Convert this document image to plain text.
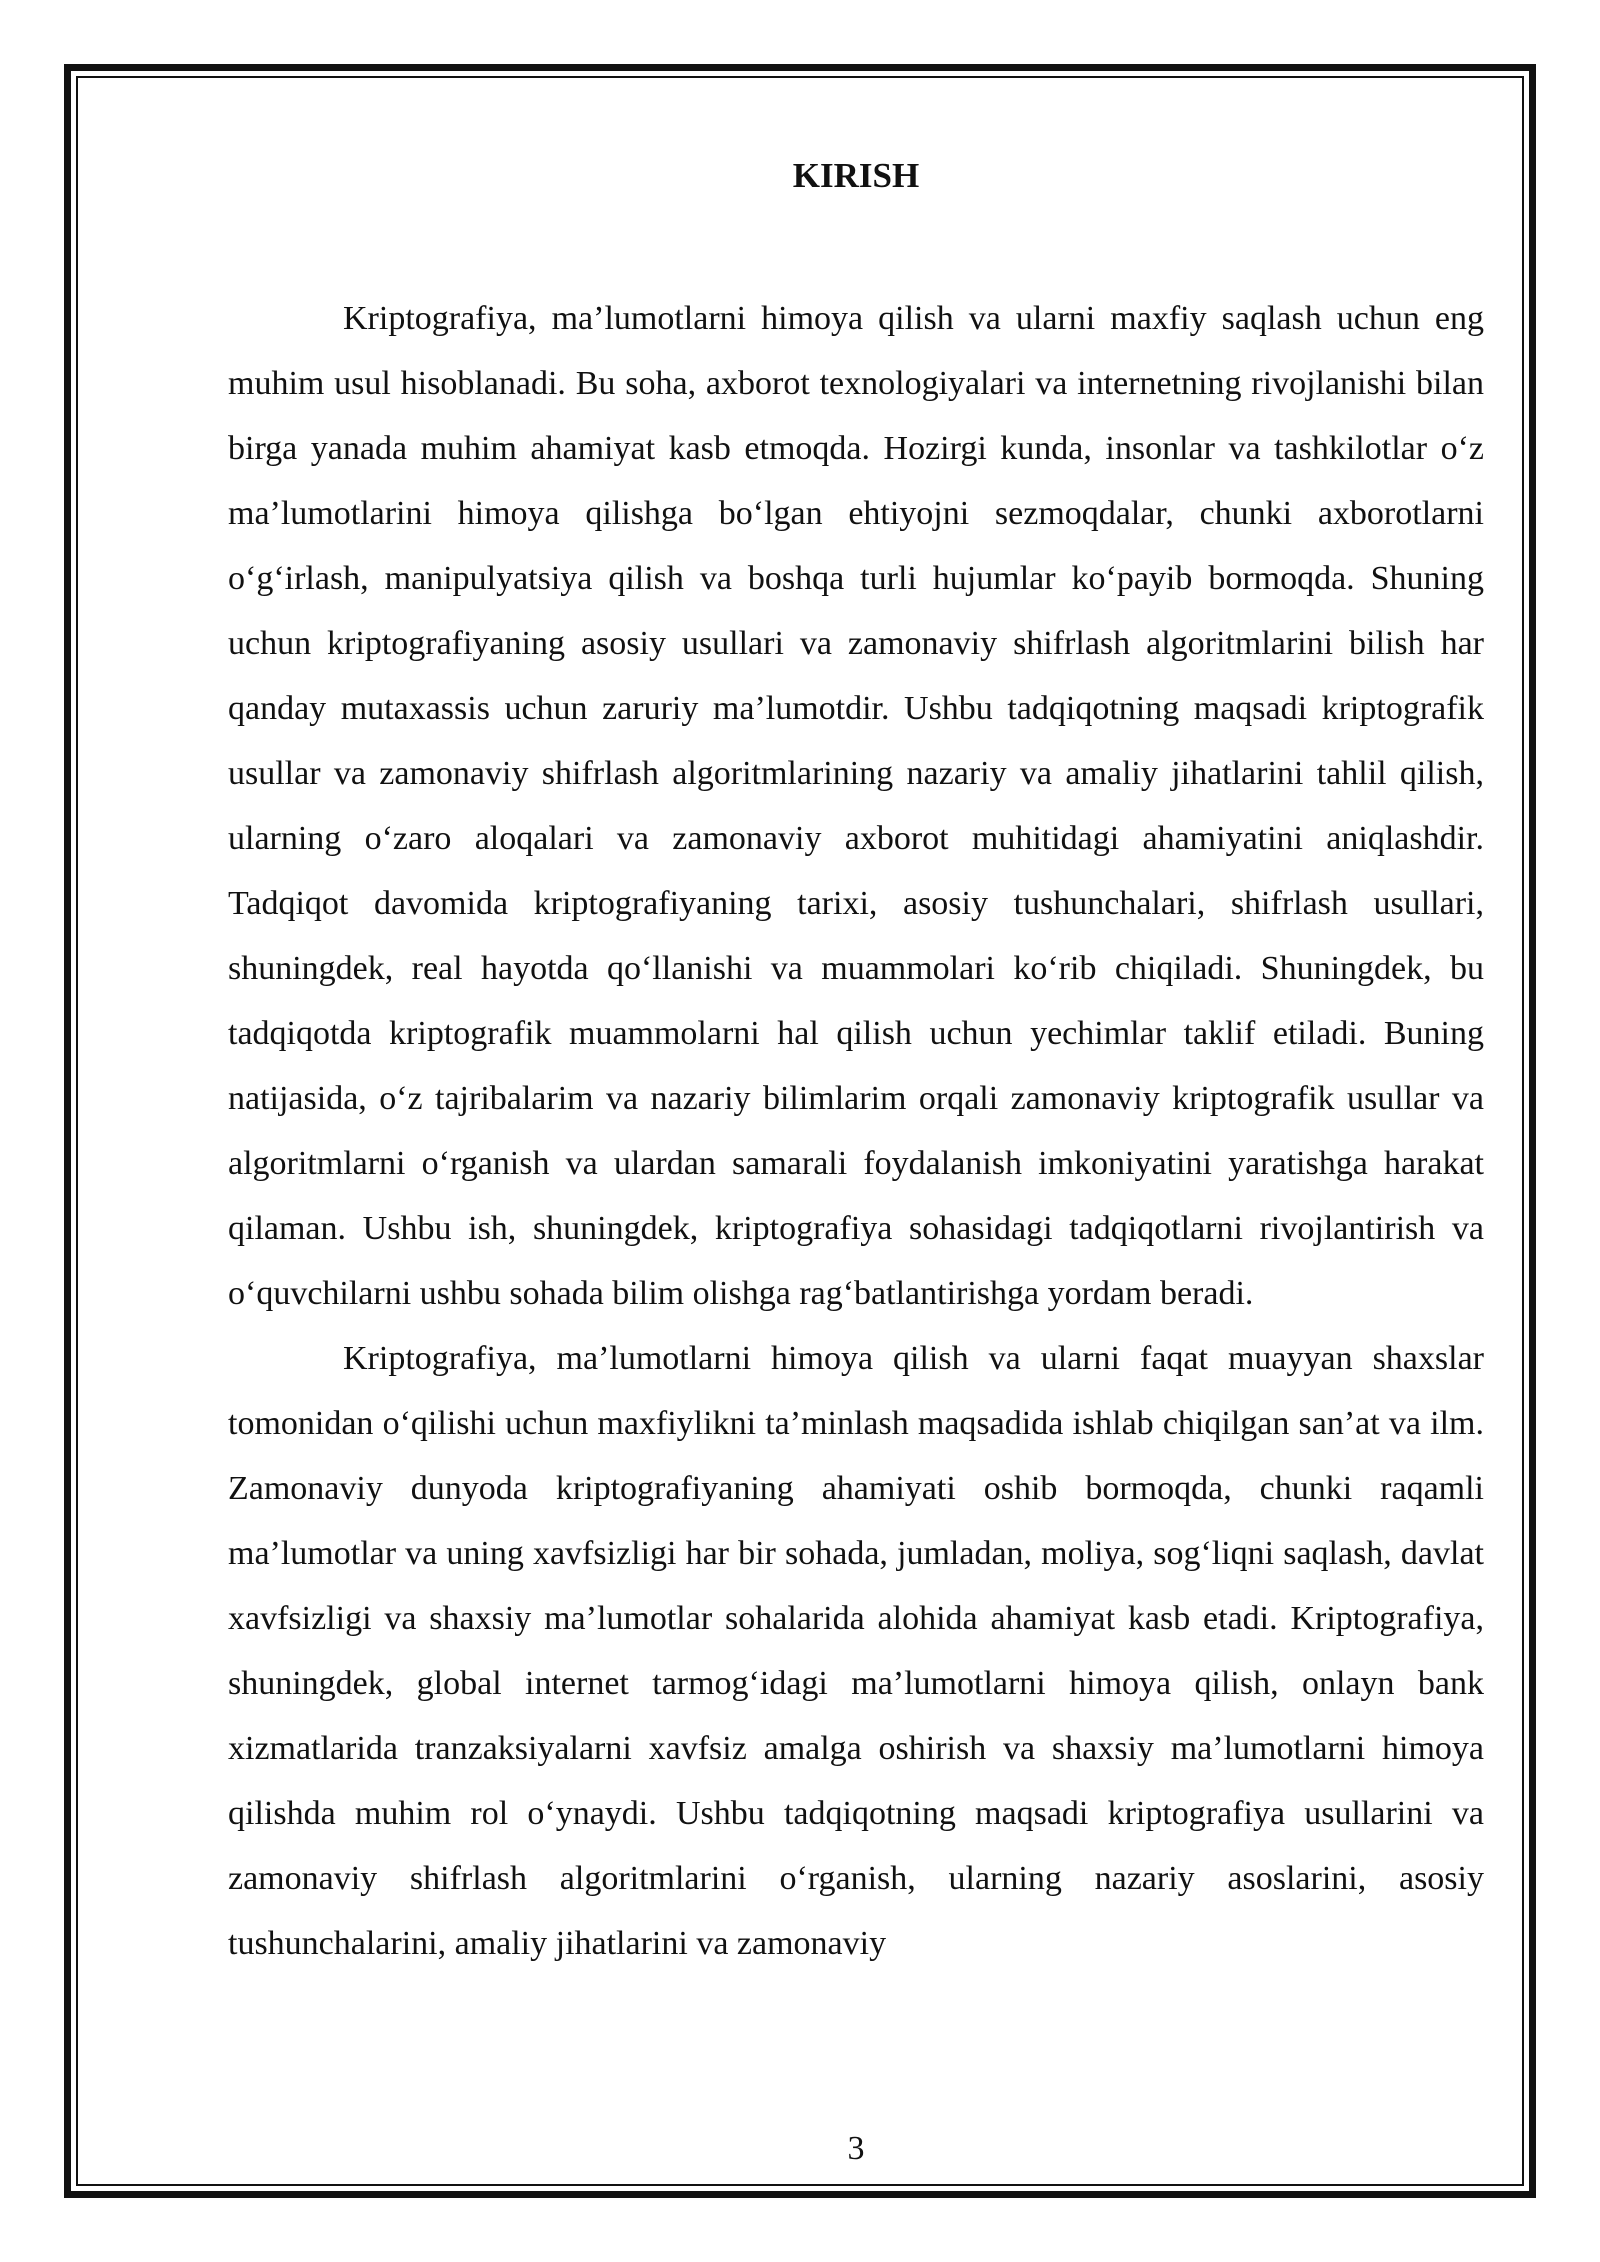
KIRISH

Kriptografiya, ma’lumotlarni himoya qilish va ularni maxfiy saqlash uchun eng muhim usul hisoblanadi. Bu soha, axborot texnologiyalari va internetning rivojlanishi bilan birga yanada muhim ahamiyat kasb etmoqda. Hozirgi kunda, insonlar va tashkilotlar o‘z ma’lumotlarini himoya qilishga bo‘lgan ehtiyojni sezmoqdalar, chunki axborotlarni o‘g‘irlash, manipulyatsiya qilish va boshqa turli hujumlar ko‘payib bormoqda. Shuning uchun kriptografiyaning asosiy usullari va zamonaviy shifrlash algoritmlarini bilish har qanday mutaxassis uchun zaruriy ma’lumotdir. Ushbu tadqiqotning maqsadi kriptografik usullar va zamonaviy shifrlash algoritmlarining nazariy va amaliy jihatlarini tahlil qilish, ularning o‘zaro aloqalari va zamonaviy axborot muhitidagi ahamiyatini aniqlashdir. Tadqiqot davomida kriptografiyaning tarixi, asosiy tushunchalari, shifrlash usullari, shuningdek, real hayotda qo‘llanishi va muammolari ko‘rib chiqiladi. Shuningdek, bu tadqiqotda kriptografik muammolarni hal qilish uchun yechimlar taklif etiladi. Buning natijasida, o‘z tajribalarim va nazariy bilimlarim orqali zamonaviy kriptografik usullar va algoritmlarni o‘rganish va ulardan samarali foydalanish imkoniyatini yaratishga harakat qilaman. Ushbu ish, shuningdek, kriptografiya sohasidagi tadqiqotlarni rivojlantirish va o‘quvchilarni ushbu sohada bilim olishga rag‘batlantirishga yordam beradi.

Kriptografiya, ma’lumotlarni himoya qilish va ularni faqat muayyan shaxslar tomonidan o‘qilishi uchun maxfiylikni ta’minlash maqsadida ishlab chiqilgan san’at va ilm. Zamonaviy dunyoda kriptografiyaning ahamiyati oshib bormoqda, chunki raqamli ma’lumotlar va uning xavfsizligi har bir sohada, jumladan, moliya, sog‘liqni saqlash, davlat xavfsizligi va shaxsiy ma’lumotlar sohalarida alohida ahamiyat kasb etadi. Kriptografiya, shuningdek, global internet tarmog‘idagi ma’lumotlarni himoya qilish, onlayn bank xizmatlarida tranzaksiyalarni xavfsiz amalga oshirish va shaxsiy ma’lumotlarni himoya qilishda muhim rol o‘ynaydi. Ushbu tadqiqotning maqsadi kriptografiya usullarini va zamonaviy shifrlash algoritmlarini o‘rganish, ularning nazariy asoslarini, asosiy tushunchalarini, amaliy jihatlarini va zamonaviy

3
